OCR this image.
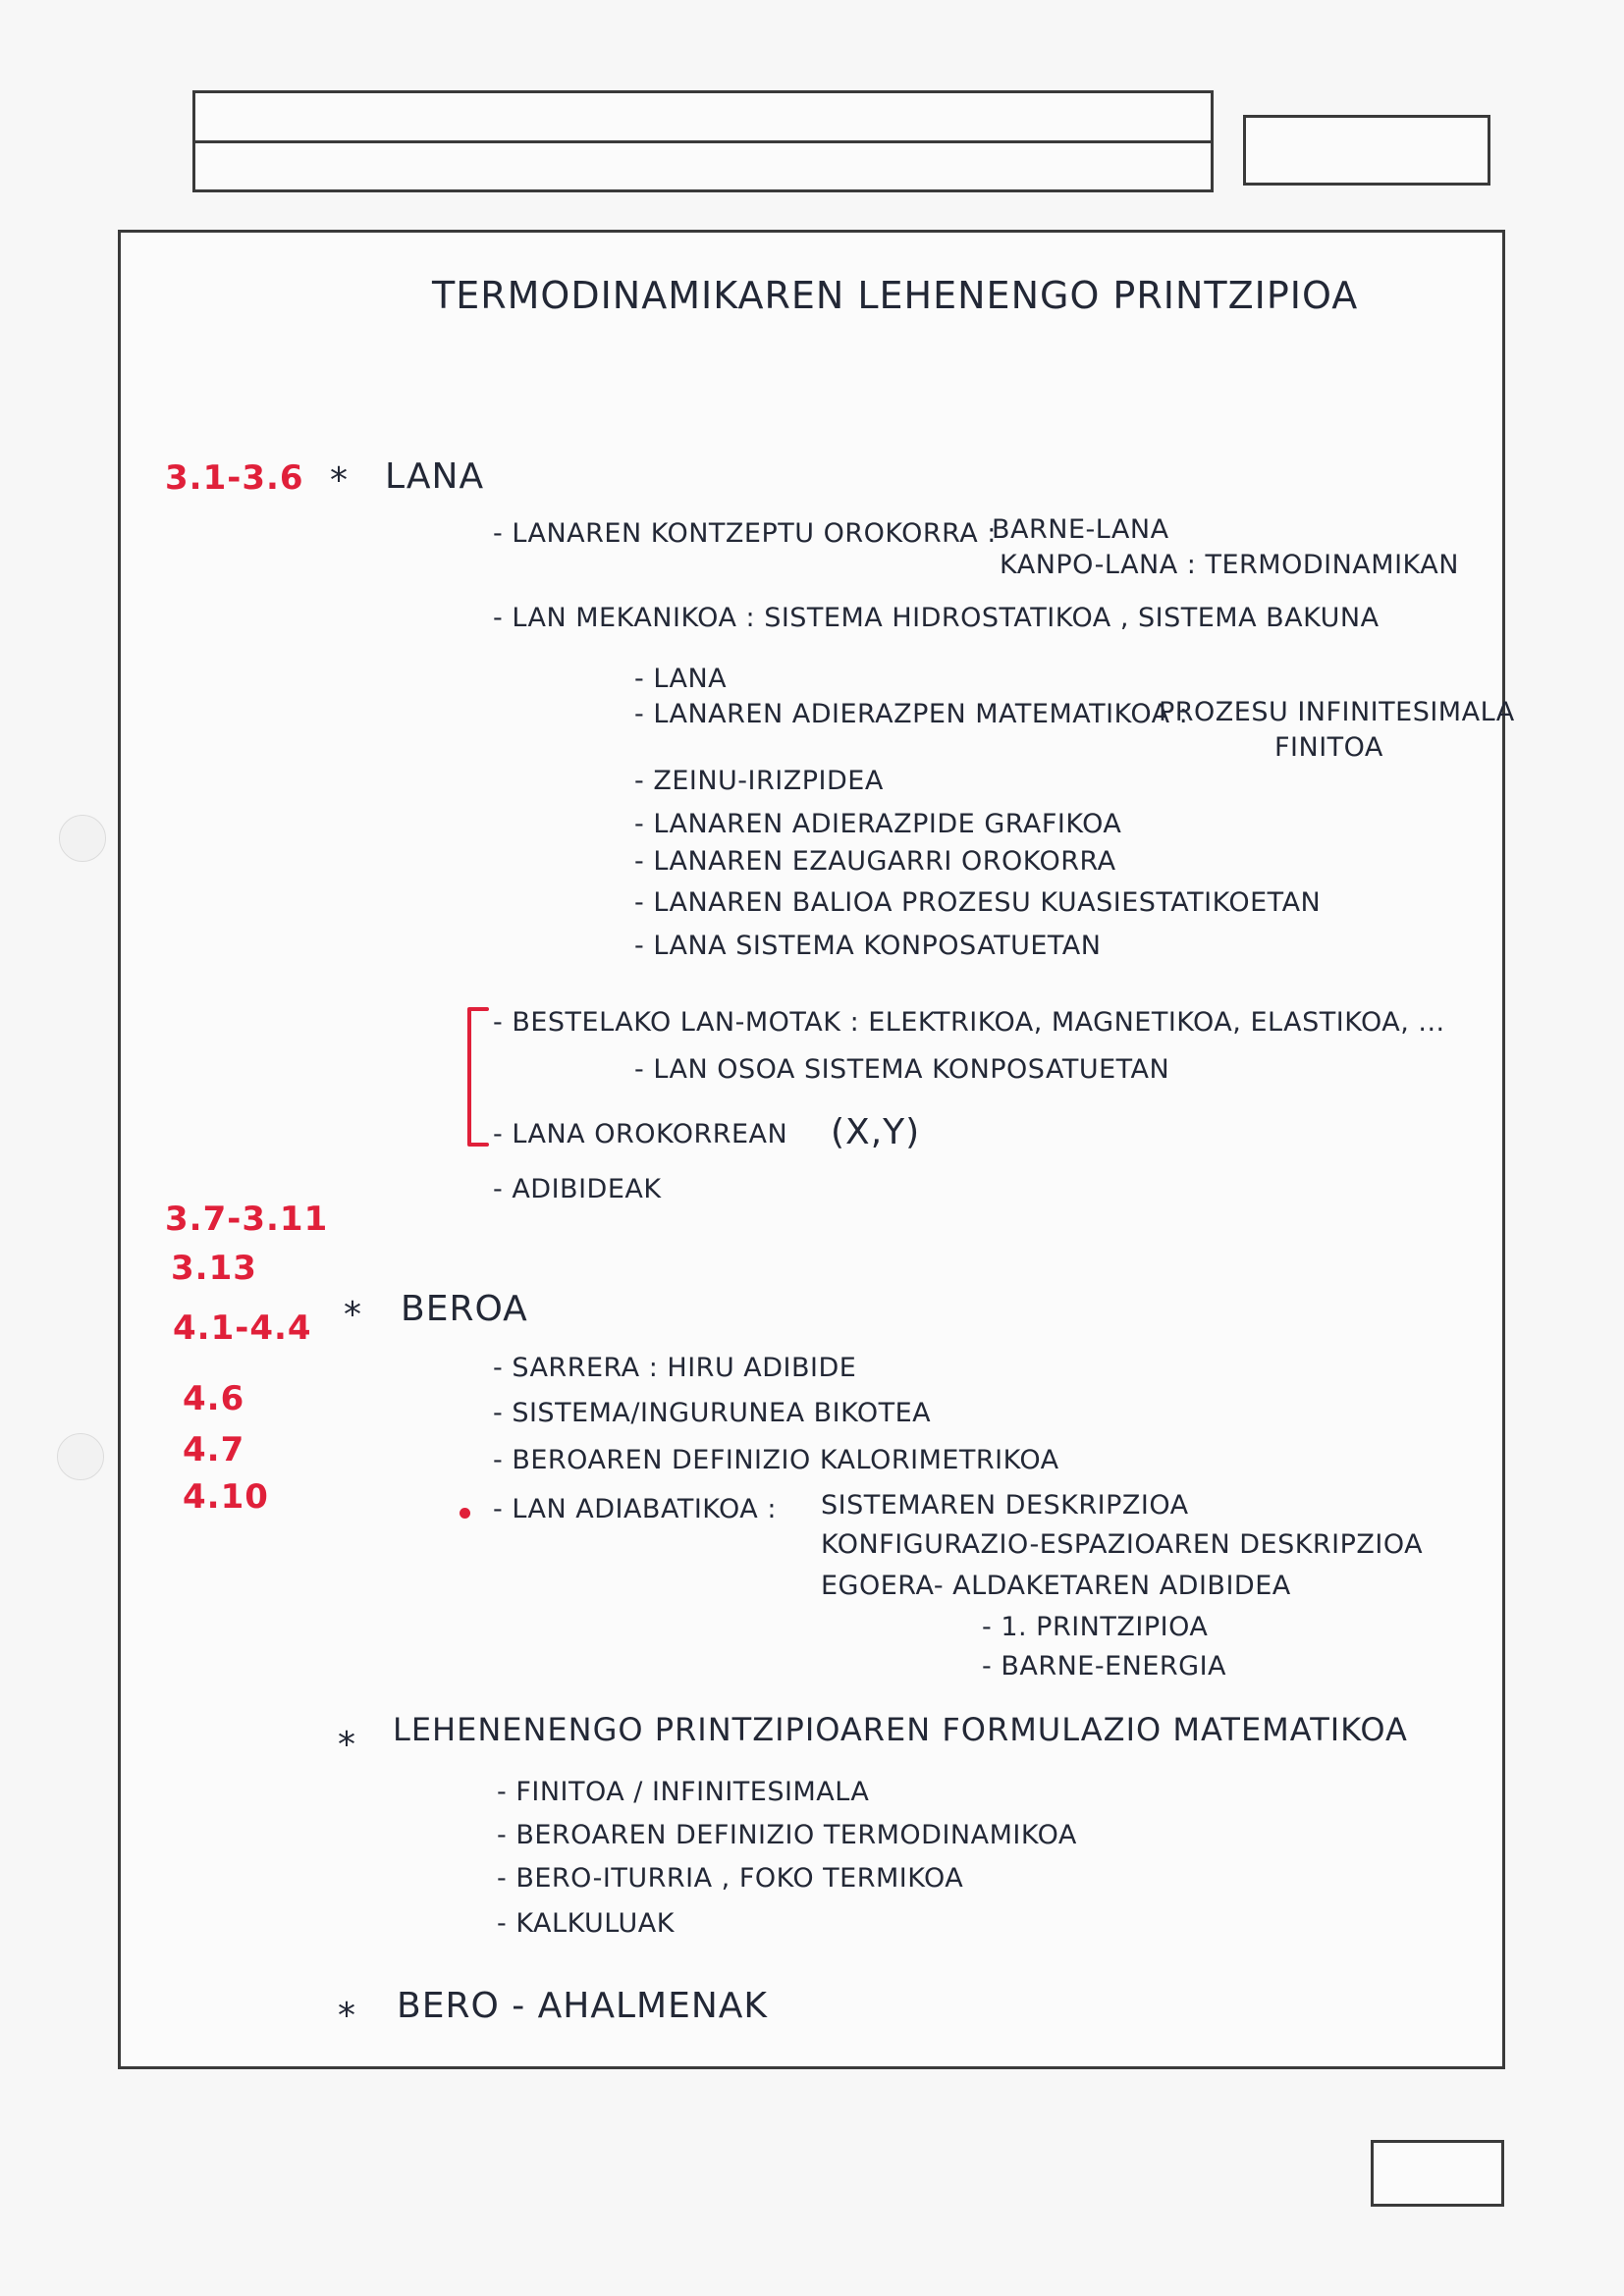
TERMODINAMIKAREN LEHENENGO PRINTZIPIOA
3.1-3.6
3.7-3.11
3.13
4.1-4.4
4.6
4.7
4.10
* LANA
- LANAREN KONTZEPTU OROKORRA :
BARNE-LANA
KANPO-LANA : TERMODINAMIKAN
- LAN MEKANIKOA : SISTEMA HIDROSTATIKOA , SISTEMA BAKUNA
- LANA
- LANAREN ADIERAZPEN MATEMATIKOA :
PROZESU INFINITESIMALA
FINITOA
- ZEINU-IRIZPIDEA
- LANAREN ADIERAZPIDE GRAFIKOA
- LANAREN EZAUGARRI OROKORRA
- LANAREN BALIOA PROZESU KUASIESTATIKOETAN
- LANA SISTEMA KONPOSATUETAN
- BESTELAKO LAN-MOTAK : ELEKTRIKOA, MAGNETIKOA, ELASTIKOA, ...
- LAN OSOA SISTEMA KONPOSATUETAN
- LANA OROKORREAN (X,Y)
- ADIBIDEAK
* BEROA
- SARRERA : HIRU ADIBIDE
- SISTEMA/INGURUNEA BIKOTEA
- BEROAREN DEFINIZIO KALORIMETRIKOA
- LAN ADIABATIKOA : SISTEMAREN DESKRIPZIOA
KONFIGURAZIO-ESPAZIOAREN DESKRIPZIOA
EGOERA- ALDAKETAREN ADIBIDEA
- 1. PRINTZIPIOA
- BARNE-ENERGIA
* LEHENENENGO PRINTZIPIOAREN FORMULAZIO MATEMATIKOA
- FINITOA / INFINITESIMALA
- BEROAREN DEFINIZIO TERMODINAMIKOA
- BERO-ITURRIA , FOKO TERMIKOA
- KALKULUAK
* BERO - AHALMENAK
